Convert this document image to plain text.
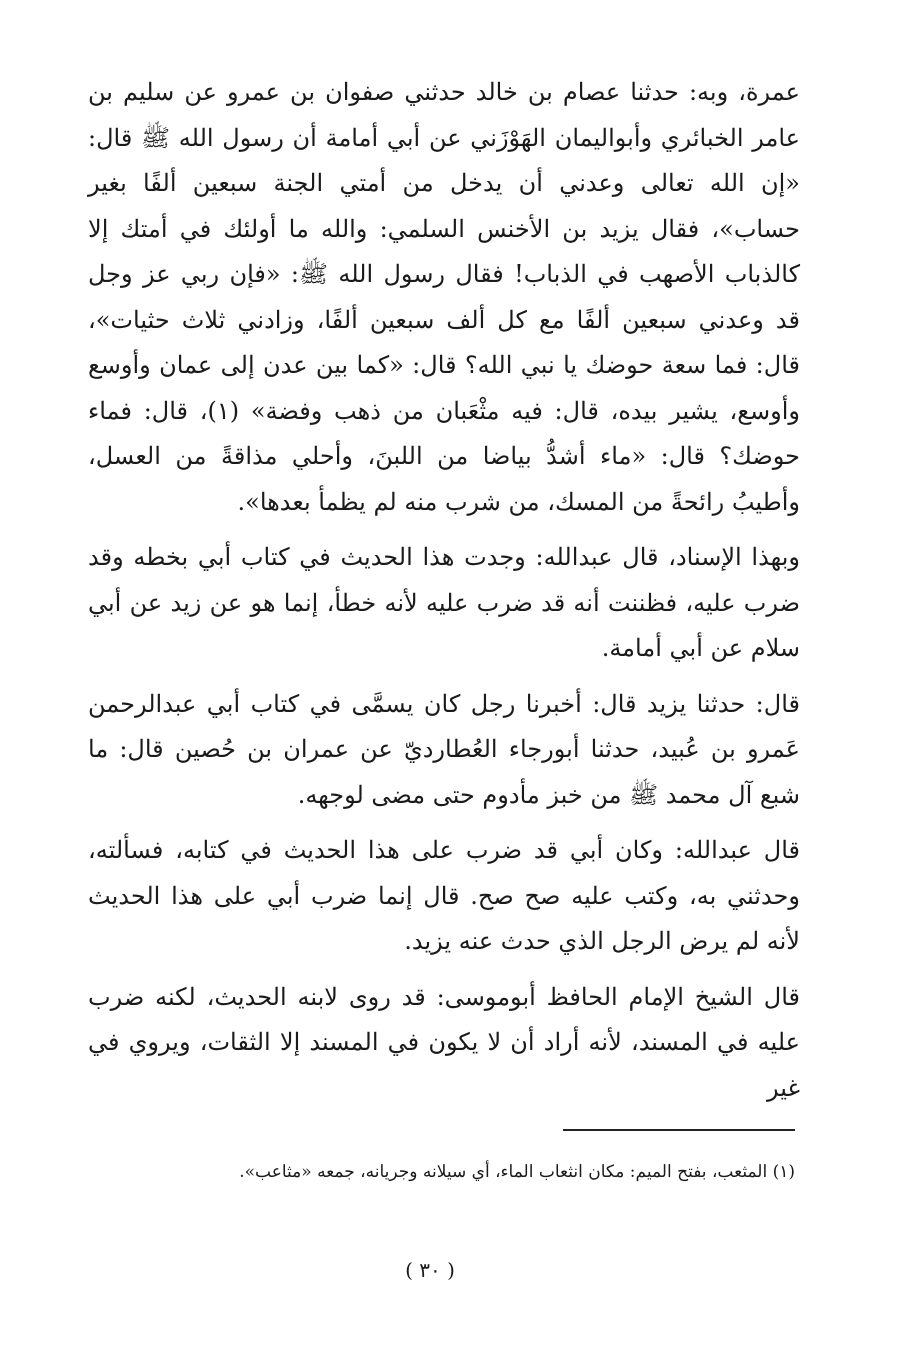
عمرة، وبه: حدثنا عصام بن خالد حدثني صفوان بن عمرو عن سليم بن عامر الخبائري وأبواليمان الهَوْزَني عن أبي أمامة أن رسول الله ﷺ قال: «إن الله تعالى وعدني أن يدخل من أمتي الجنة سبعين ألفًا بغير حساب»، فقال يزيد بن الأخنس السلمي: والله ما أولئك في أمتك إلا كالذباب الأصهب في الذباب! فقال رسول الله ﷺ: «فإن ربي عز وجل قد وعدني سبعين ألفًا مع كل ألف سبعين ألفًا، وزادني ثلاث حثيات»، قال: فما سعة حوضك يا نبي الله؟ قال: «كما بين عدن إلى عمان وأوسع وأوسع، يشير بيده، قال: فيه مثْعَبان من ذهب وفضة» (١)، قال: فماء حوضك؟ قال: «ماء أشدُّ بياضا من اللبنَ، وأحلي مذاقةً من العسل، وأطيبُ رائحةً من المسك، من شرب منه لم يظمأ بعدها».

وبهذا الإسناد، قال عبدالله: وجدت هذا الحديث في كتاب أبي بخطه وقد ضرب عليه، فظننت أنه قد ضرب عليه لأنه خطأ، إنما هو عن زيد عن أبي سلام عن أبي أمامة.

قال: حدثنا يزيد قال: أخبرنا رجل كان يسمَّى في كتاب أبي عبدالرحمن عَمرو بن عُبيد، حدثنا أبورجاء العُطارديّ عن عمران بن حُصين قال: ما شبع آل محمد ﷺ من خبز مأدوم حتى مضى لوجهه.

قال عبدالله: وكان أبي قد ضرب على هذا الحديث في كتابه، فسألته، وحدثني به، وكتب عليه صح صح. قال إنما ضرب أبي على هذا الحديث لأنه لم يرض الرجل الذي حدث عنه يزيد.

قال الشيخ الإمام الحافظ أبوموسى: قد روى لابنه الحديث، لكنه ضرب عليه في المسند، لأنه أراد أن لا يكون في المسند إلا الثقات، ويروي في غير

(١) المثعب، بفتح الميم: مكان انثعاب الماء، أي سيلانه وجريانه، جمعه «مثاعب».
( ٣٠ )
